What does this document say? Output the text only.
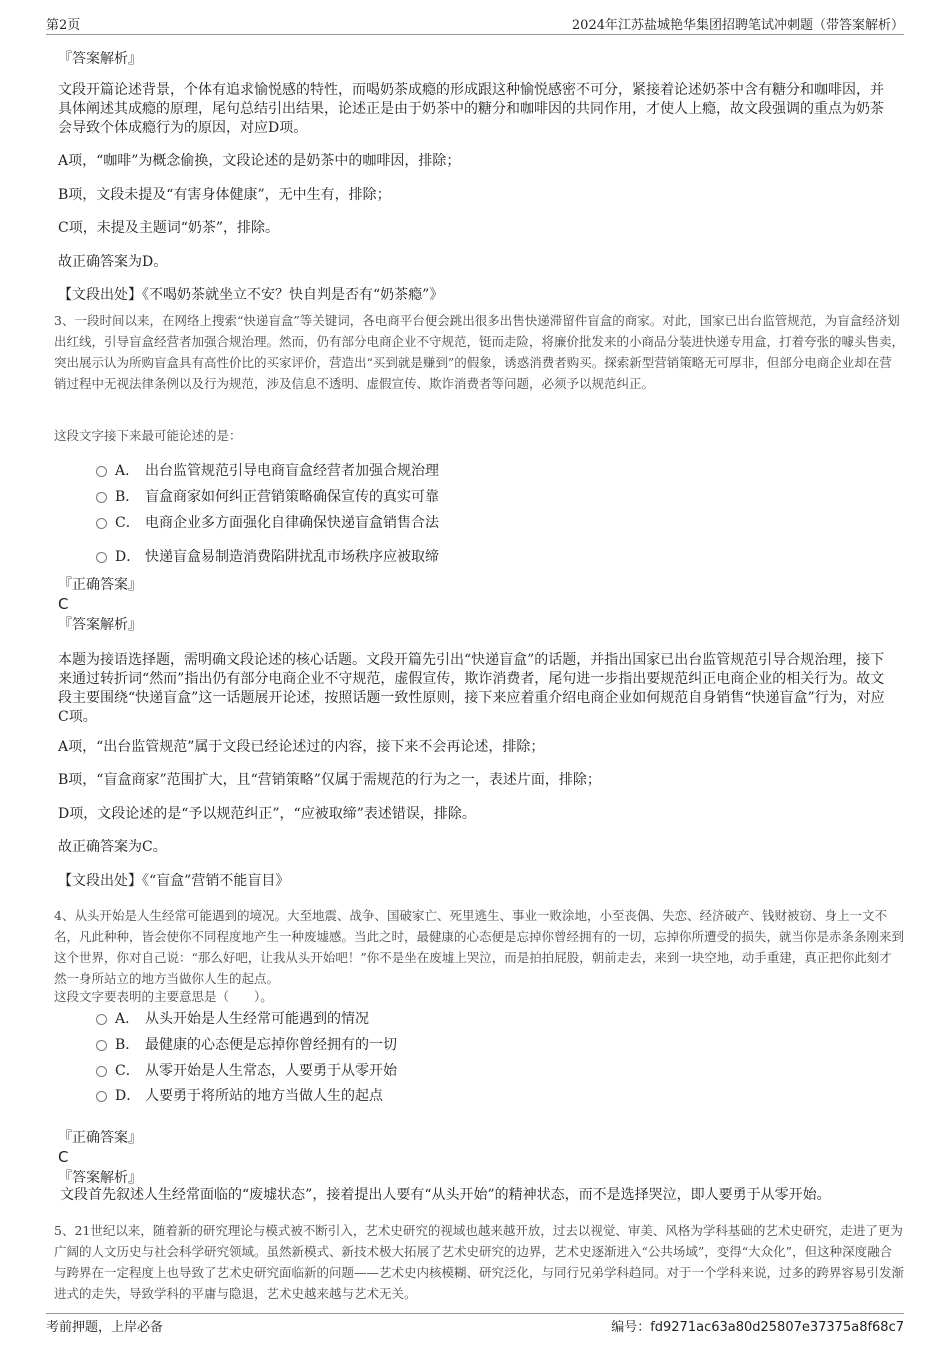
第2页	2024年江苏盐城艳华集团招聘笔试冲刺题（带答案解析）

『答案解析』

文段开篇论述背景，个体有追求愉悦感的特性，而喝奶茶成瘾的形成跟这种愉悦感密不可分，紧接着论述奶茶中含有糖分和咖啡因，并具体阐述其成瘾的原理，尾句总结引出结果，论述正是由于奶茶中的糖分和咖啡因的共同作用，才使人上瘾，故文段强调的重点为奶茶会导致个体成瘾行为的原因，对应D项。

A项，“咖啡”为概念偷换，文段论述的是奶茶中的咖啡因，排除；

B项，文段未提及“有害身体健康”，无中生有，排除；

C项，未提及主题词“奶茶”，排除。

故正确答案为D。

【文段出处】《不喝奶茶就坐立不安？快自判是否有“奶茶瘾”》

3、一段时间以来，在网络上搜索“快递盲盒”等关键词，各电商平台便会跳出很多出售快递滞留件盲盒的商家。对此，国家已出台监管规范，为盲盒经济划出红线，引导盲盒经营者加强合规治理。然而，仍有部分电商企业不守规范，铤而走险，将廉价批发来的小商品分装进快递专用盒，打着夸张的噱头售卖，突出展示认为所购盲盒具有高性价比的买家评价，营造出“买到就是赚到”的假象，诱惑消费者购买。探索新型营销策略无可厚非，但部分电商企业却在营销过程中无视法律条例以及行为规范，涉及信息不透明、虚假宣传、欺诈消费者等问题，必须予以规范纠正。

这段文字接下来最可能论述的是：

A． 出台监管规范引导电商盲盒经营者加强合规治理
B． 盲盒商家如何纠正营销策略确保宣传的真实可靠
C． 电商企业多方面强化自律确保快递盲盒销售合法
D． 快递盲盒易制造消费陷阱扰乱市场秩序应被取缔

『正确答案』

C

『答案解析』

本题为接语选择题，需明确文段论述的核心话题。文段开篇先引出“快递盲盒”的话题，并指出国家已出台监管规范引导合规治理，接下来通过转折词“然而”指出仍有部分电商企业不守规范，虚假宣传，欺诈消费者，尾句进一步指出要规范纠正电商企业的相关行为。故文段主要围绕“快递盲盒”这一话题展开论述，按照话题一致性原则，接下来应着重介绍电商企业如何规范自身销售“快递盲盒”行为，对应C项。

A项，“出台监管规范”属于文段已经论述过的内容，接下来不会再论述，排除；

B项，“盲盒商家”范围扩大，且“营销策略”仅属于需规范的行为之一，表述片面，排除；

D项，文段论述的是“予以规范纠正”，“应被取缔”表述错误，排除。

故正确答案为C。

【文段出处】《“盲盒”营销不能盲目》

4、从头开始是人生经常可能遇到的境况。大至地震、战争、国破家亡、死里逃生、事业一败涂地，小至丧偶、失恋、经济破产、钱财被窃、身上一文不名，凡此种种，皆会使你不同程度地产生一种废墟感。当此之时，最健康的心态便是忘掉你曾经拥有的一切，忘掉你所遭受的损失，就当你是赤条条刚来到这个世界，你对自己说：“那么好吧，让我从头开始吧！”你不是坐在废墟上哭泣，而是拍拍屁股，朝前走去，来到一块空地，动手重建，真正把你此刻才然一身所站立的地方当做你人生的起点。

这段文字要表明的主要意思是（　　）。

A． 从头开始是人生经常可能遇到的情况
B． 最健康的心态便是忘掉你曾经拥有的一切
C． 从零开始是人生常态，人要勇于从零开始
D． 人要勇于将所站的地方当做人生的起点

『正确答案』

C

『答案解析』

文段首先叙述人生经常面临的“废墟状态”，接着提出人要有“从头开始”的精神状态，而不是选择哭泣，即人要勇于从零开始。

5、21世纪以来，随着新的研究理论与模式被不断引入，艺术史研究的视域也越来越开放，过去以视觉、审美、风格为学科基础的艺术史研究，走进了更为广阔的人文历史与社会科学研究领域。虽然新模式、新技术极大拓展了艺术史研究的边界，艺术史逐渐进入“公共场域”，变得“大众化”，但这种深度融合与跨界在一定程度上也导致了艺术史研究面临新的问题——艺术史内核模糊、研究泛化，与同行兄弟学科趋同。对于一个学科来说，过多的跨界容易引发渐进式的走失，导致学科的平庸与隐退，艺术史越来越与艺术无关。

考前押题，上岸必备	编号：fd9271ac63a80d25807e37375a8f68c7
